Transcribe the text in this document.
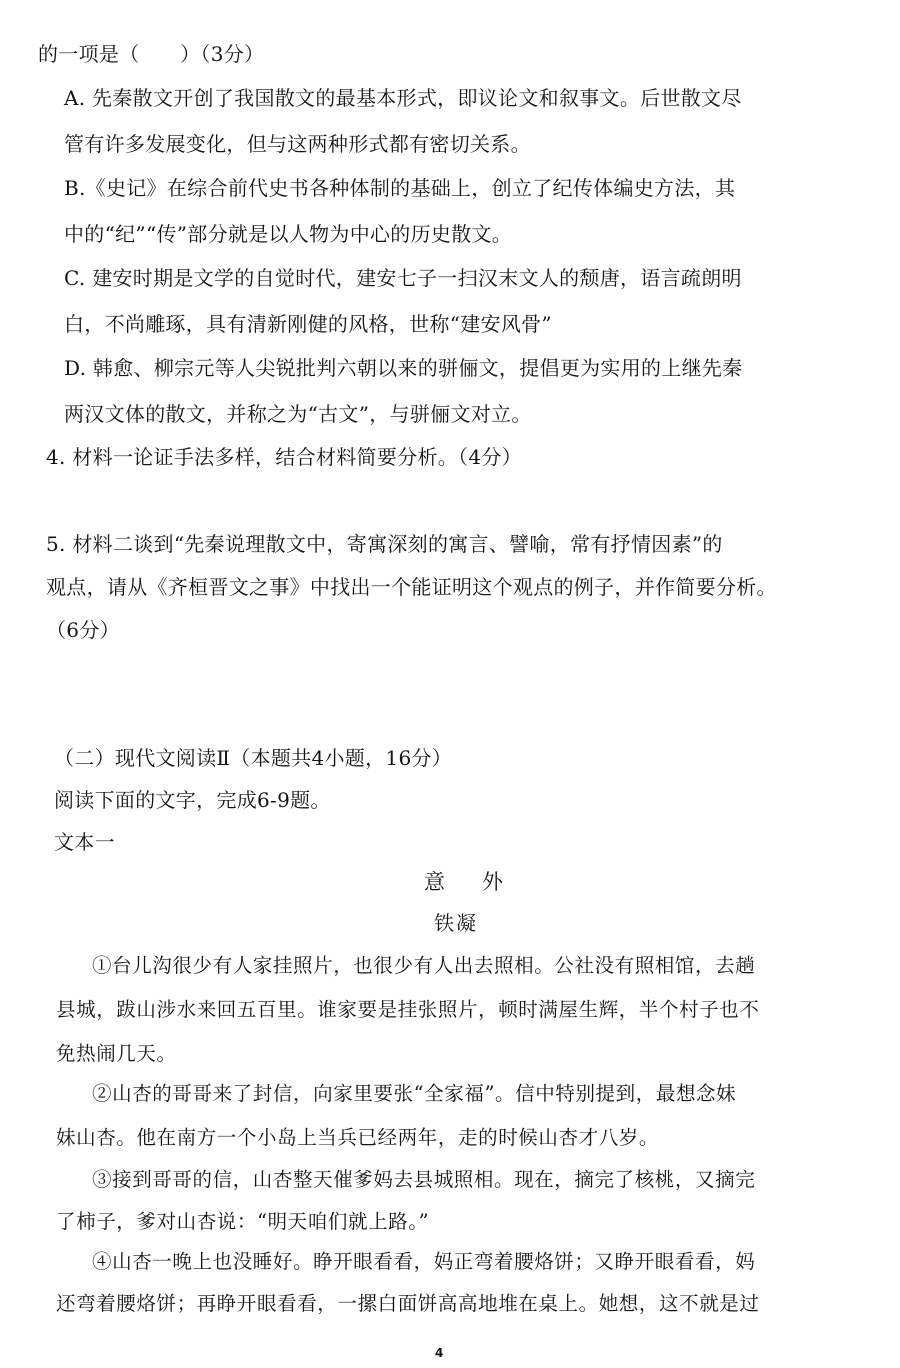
的一项是（　　）（3分）
A. 先秦散文开创了我国散文的最基本形式，即议论文和叙事文。后世散文尽
管有许多发展变化，但与这两种形式都有密切关系。
B.《史记》在综合前代史书各种体制的基础上，创立了纪传体编史方法，其
中的“纪”“传”部分就是以人物为中心的历史散文。
C. 建安时期是文学的自觉时代，建安七子一扫汉末文人的颓唐，语言疏朗明
白，不尚雕琢，具有清新刚健的风格，世称“建安风骨”
D. 韩愈、柳宗元等人尖锐批判六朝以来的骈俪文，提倡更为实用的上继先秦
两汉文体的散文，并称之为“古文”，与骈俪文对立。
4. 材料一论证手法多样，结合材料简要分析。（4分）
5. 材料二谈到“先秦说理散文中，寄寓深刻的寓言、譬喻，常有抒情因素”的
观点，请从《齐桓晋文之事》中找出一个能证明这个观点的例子，并作简要分析。
（6分）
（二）现代文阅读Ⅱ（本题共4小题，16分）
阅读下面的文字，完成6-9题。
文本一
意　外
铁凝
①台儿沟很少有人家挂照片，也很少有人出去照相。公社没有照相馆，去趟
县城，跋山涉水来回五百里。谁家要是挂张照片，顿时满屋生辉，半个村子也不
免热闹几天。
②山杏的哥哥来了封信，向家里要张“全家福”。信中特别提到，最想念妹
妹山杏。他在南方一个小岛上当兵已经两年，走的时候山杏才八岁。
③接到哥哥的信，山杏整天催爹妈去县城照相。现在，摘完了核桃，又摘完
了柿子，爹对山杏说：“明天咱们就上路。”
④山杏一晚上也没睡好。睁开眼看看，妈正弯着腰烙饼；又睁开眼看看，妈
还弯着腰烙饼；再睁开眼看看，一摞白面饼高高地堆在桌上。她想，这不就是过
4
